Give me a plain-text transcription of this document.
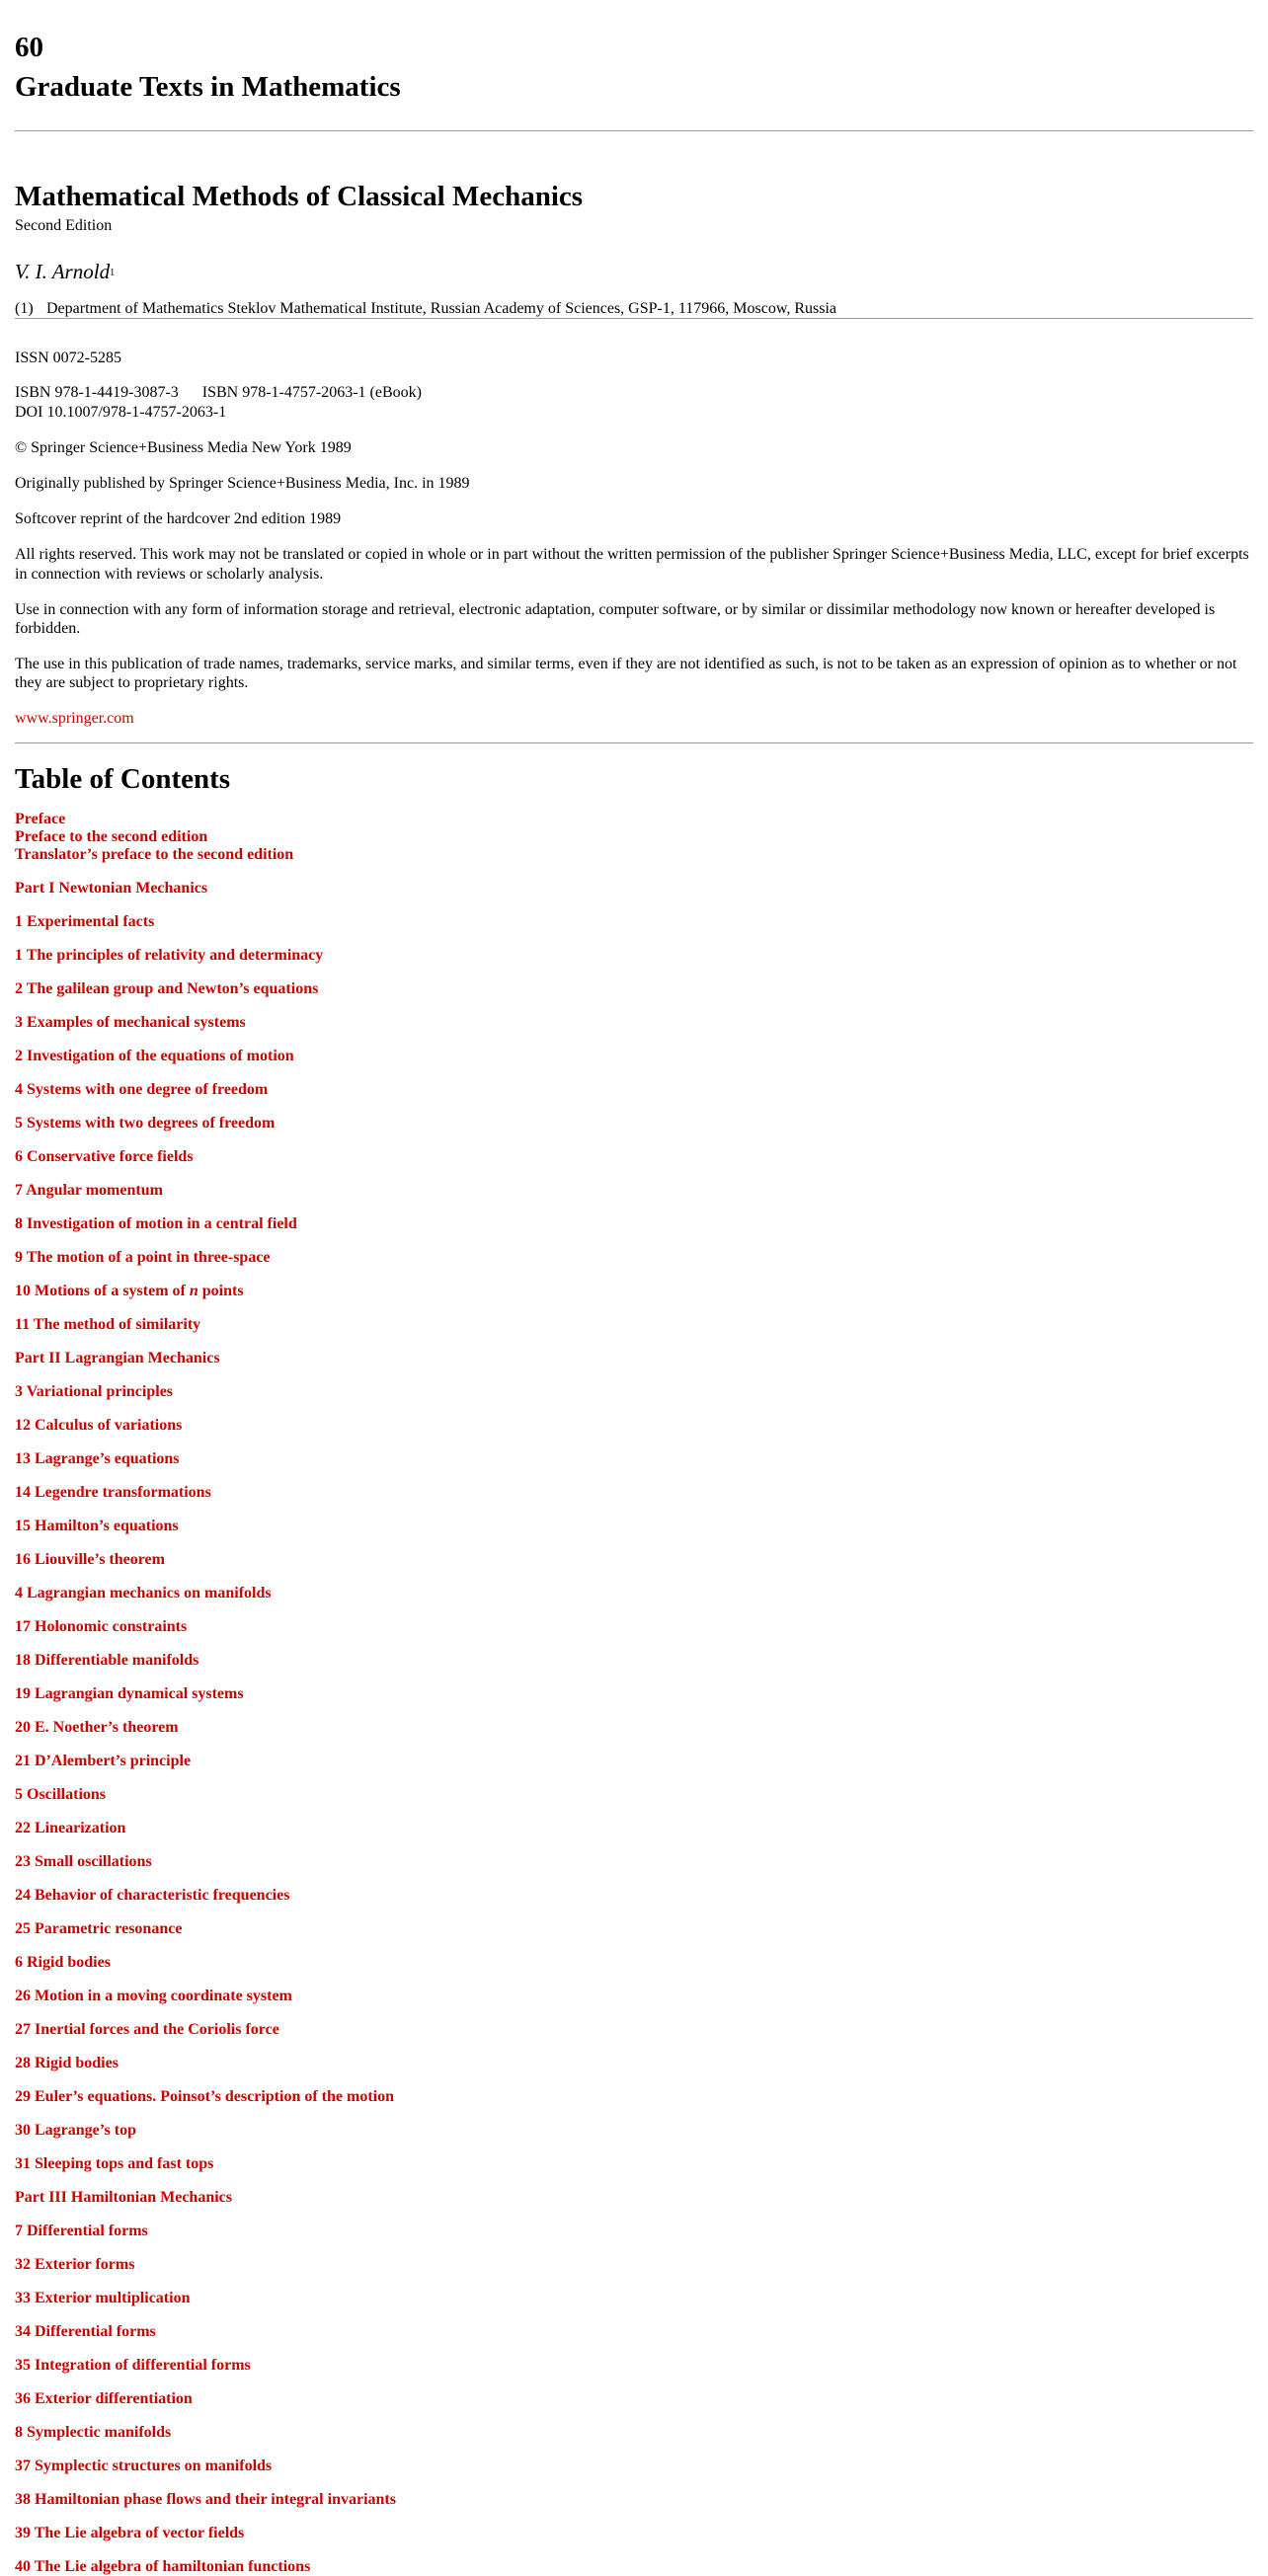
60
Graduate Texts in Mathematics
Mathematical Methods of Classical Mechanics
Second Edition
V. I. Arnold$^1$
(1) Department of Mathematics Steklov Mathematical Institute, Russian Academy of Sciences, GSP-1, 117966, Moscow, Russia

ISSN 0072-5285

ISBN 978-1-4419-3087-3 ISBN 978-1-4757-2063-1 (eBook)

DOI 10.1007/978-1-4757-2063-1

© Springer Science+Business Media New York 1989

Originally published by Springer Science+Business Media, Inc. in 1989

Softcover reprint of the hardcover 2nd edition 1989

All rights reserved. This work may not be translated or copied in whole or in part without the written permission of the publisher Springer Science+Business Media, LLC, except for brief excerpts in connection with reviews or scholarly analysis.

Use in connection with any form of information storage and retrieval, electronic adaptation, computer software, or by similar or dissimilar methodology now known or hereafter developed is forbidden.

The use in this publication of trade names, trademarks, service marks, and similar terms, even if they are not identified as such, is not to be taken as an expression of opinion as to whether or not they are subject to proprietary rights.

www.springer.com

Table of Contents
Preface
Preface to the second edition
Translator’s preface to the second edition
Part I Newtonian Mechanics
1 Experimental facts
1 The principles of relativity and determinacy
2 The galilean group and Newton’s equations
3 Examples of mechanical systems
2 Investigation of the equations of motion
4 Systems with one degree of freedom
5 Systems with two degrees of freedom
6 Conservative force fields
7 Angular momentum
8 Investigation of motion in a central field
9 The motion of a point in three-space
10 Motions of a system of n points
11 The method of similarity
Part II Lagrangian Mechanics
3 Variational principles
12 Calculus of variations
13 Lagrange’s equations
14 Legendre transformations
15 Hamilton’s equations
16 Liouville’s theorem
4 Lagrangian mechanics on manifolds
17 Holonomic constraints
18 Differentiable manifolds
19 Lagrangian dynamical systems
20 E. Noether’s theorem
21 D’Alembert’s principle
5 Oscillations
22 Linearization
23 Small oscillations
24 Behavior of characteristic frequencies
25 Parametric resonance
6 Rigid bodies
26 Motion in a moving coordinate system
27 Inertial forces and the Coriolis force
28 Rigid bodies
29 Euler’s equations. Poinsot’s description of the motion
30 Lagrange’s top
31 Sleeping tops and fast tops
Part III Hamiltonian Mechanics
7 Differential forms
32 Exterior forms
33 Exterior multiplication
34 Differential forms
35 Integration of differential forms
36 Exterior differentiation
8 Symplectic manifolds
37 Symplectic structures on manifolds
38 Hamiltonian phase flows and their integral invariants
39 The Lie algebra of vector fields
40 The Lie algebra of hamiltonian functions
